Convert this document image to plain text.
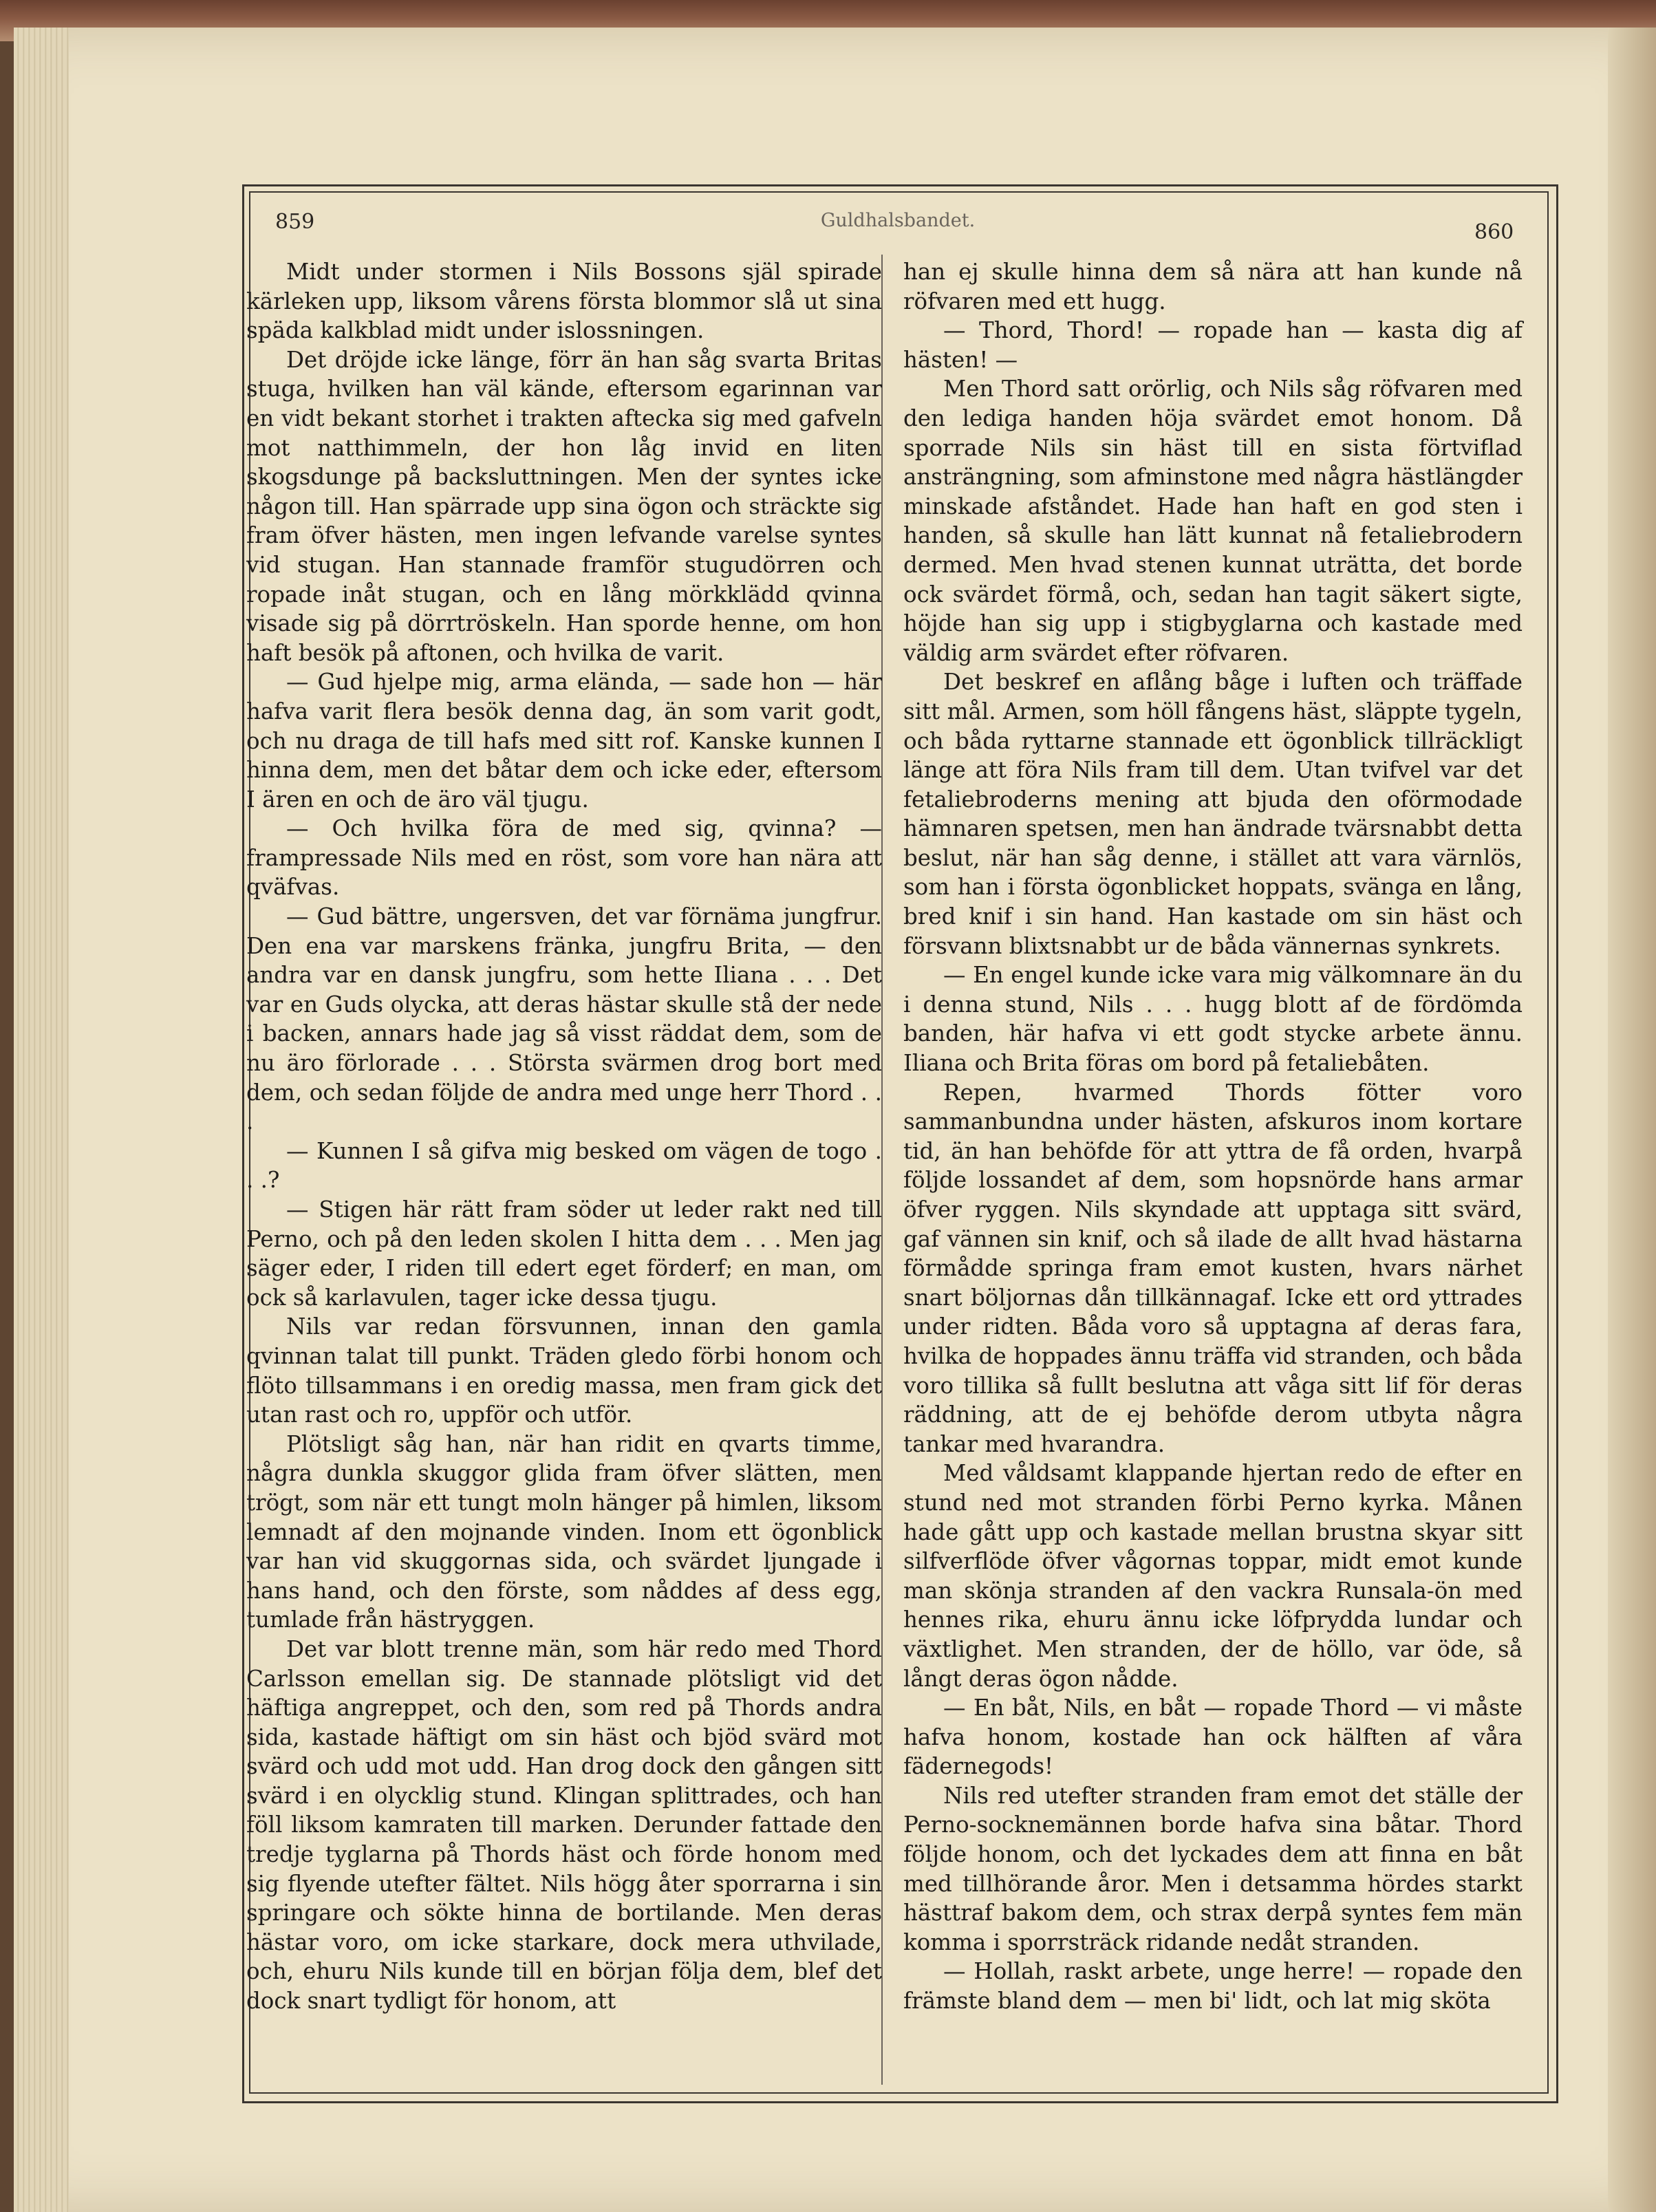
859	Guldhalsbandet.	860

Midt under stormen i Nils Bossons själ spirade kärleken upp, liksom vårens första blommor slå ut sina späda kalkblad midt under islossningen.

Det dröjde icke länge, förr än han såg svarta Britas stuga, hvilken han väl kände, eftersom egarinnan var en vidt bekant storhet i trakten aftecka sig med gafveln mot natthimmeln, der hon låg invid en liten skogsdunge på backsluttningen. Men der syntes icke någon till. Han spärrade upp sina ögon och sträckte sig fram öfver hästen, men ingen lefvande varelse syntes vid stugan. Han stannade framför stugudörren och ropade inåt stugan, och en lång mörkklädd qvinna visade sig på dörrtröskeln. Han sporde henne, om hon haft besök på aftonen, och hvilka de varit.

— Gud hjelpe mig, arma elända, — sade hon — här hafva varit flera besök denna dag, än som varit godt, och nu draga de till hafs med sitt rof. Kanske kunnen I hinna dem, men det båtar dem och icke eder, eftersom I ären en och de äro väl tjugu.

— Och hvilka föra de med sig, qvinna? — frampressade Nils med en röst, som vore han nära att qväfvas.

— Gud bättre, ungersven, det var förnäma jungfrur. Den ena var marskens fränka, jungfru Brita, — den andra var en dansk jungfru, som hette Iliana . . . Det var en Guds olycka, att deras hästar skulle stå der nede i backen, annars hade jag så visst räddat dem, som de nu äro förlorade . . . Största svärmen drog bort med dem, och sedan följde de andra med unge herr Thord . . .

— Kunnen I så gifva mig besked om vägen de togo . . .?

— Stigen här rätt fram söder ut leder rakt ned till Perno, och på den leden skolen I hitta dem . . . Men jag säger eder, I riden till edert eget förderf; en man, om ock så karlavulen, tager icke dessa tjugu.

Nils var redan försvunnen, innan den gamla qvinnan talat till punkt. Träden gledo förbi honom och flöto tillsammans i en oredig massa, men fram gick det utan rast och ro, uppför och utför.

Plötsligt såg han, när han ridit en qvarts timme, några dunkla skuggor glida fram öfver slätten, men trögt, som när ett tungt moln hänger på himlen, liksom lemnadt af den mojnande vinden. Inom ett ögonblick var han vid skuggornas sida, och svärdet ljungade i hans hand, och den förste, som nåddes af dess egg, tumlade från hästryggen.

Det var blott trenne män, som här redo med Thord Carlsson emellan sig. De stannade plötsligt vid det häftiga angreppet, och den, som red på Thords andra sida, kastade häftigt om sin häst och bjöd svärd mot svärd och udd mot udd. Han drog dock den gången sitt svärd i en olycklig stund. Klingan splittrades, och han föll liksom kamraten till marken. Derunder fattade den tredje tyglarna på Thords häst och förde honom med sig flyende utefter fältet. Nils högg åter sporrarna i sin springare och sökte hinna de bortilande. Men deras hästar voro, om icke starkare, dock mera uthvilade, och, ehuru Nils kunde till en början följa dem, blef det dock snart tydligt för honom, att

han ej skulle hinna dem så nära att han kunde nå röfvaren med ett hugg.

— Thord, Thord! — ropade han — kasta dig af hästen! —

Men Thord satt orörlig, och Nils såg röfvaren med den lediga handen höja svärdet emot honom. Då sporrade Nils sin häst till en sista förtviflad ansträngning, som afminstone med några hästlängder minskade afståndet. Hade han haft en god sten i handen, så skulle han lätt kunnat nå fetaliebrodern dermed. Men hvad stenen kunnat uträtta, det borde ock svärdet förmå, och, sedan han tagit säkert sigte, höjde han sig upp i stigbyglarna och kastade med väldig arm svärdet efter röfvaren.

Det beskref en aflång båge i luften och träffade sitt mål. Armen, som höll fångens häst, släppte tygeln, och båda ryttarne stannade ett ögonblick tillräckligt länge att föra Nils fram till dem. Utan tvifvel var det fetaliebroderns mening att bjuda den oförmodade hämnaren spetsen, men han ändrade tvärsnabbt detta beslut, när han såg denne, i stället att vara värnlös, som han i första ögonblicket hoppats, svänga en lång, bred knif i sin hand. Han kastade om sin häst och försvann blixtsnabbt ur de båda vännernas synkrets.

— En engel kunde icke vara mig välkomnare än du i denna stund, Nils . . . hugg blott af de fördömda banden, här hafva vi ett godt stycke arbete ännu. Iliana och Brita föras om bord på fetaliebåten.

Repen, hvarmed Thords fötter voro sammanbundna under hästen, afskuros inom kortare tid, än han behöfde för att yttra de få orden, hvarpå följde lossandet af dem, som hopsnörde hans armar öfver ryggen. Nils skyndade att upptaga sitt svärd, gaf vännen sin knif, och så ilade de allt hvad hästarna förmådde springa fram emot kusten, hvars närhet snart böljornas dån tillkännagaf. Icke ett ord yttrades under ridten. Båda voro så upptagna af deras fara, hvilka de hoppades ännu träffa vid stranden, och båda voro tillika så fullt beslutna att våga sitt lif för deras räddning, att de ej behöfde derom utbyta några tankar med hvarandra.

Med våldsamt klappande hjertan redo de efter en stund ned mot stranden förbi Perno kyrka. Månen hade gått upp och kastade mellan brustna skyar sitt silfverflöde öfver vågornas toppar, midt emot kunde man skönja stranden af den vackra Runsala-ön med hennes rika, ehuru ännu icke löfprydda lundar och växtlighet. Men stranden, der de höllo, var öde, så långt deras ögon nådde.

— En båt, Nils, en båt — ropade Thord — vi måste hafva honom, kostade han ock hälften af våra fädernegods!

Nils red utefter stranden fram emot det ställe der Perno-socknemännen borde hafva sina båtar. Thord följde honom, och det lyckades dem att finna en båt med tillhörande åror. Men i detsamma hördes starkt hästtraf bakom dem, och strax derpå syntes fem män komma i sporrsträck ridande nedåt stranden.

— Hollah, raskt arbete, unge herre! — ropade den främste bland dem — men bi' lidt, och lat mig sköta
